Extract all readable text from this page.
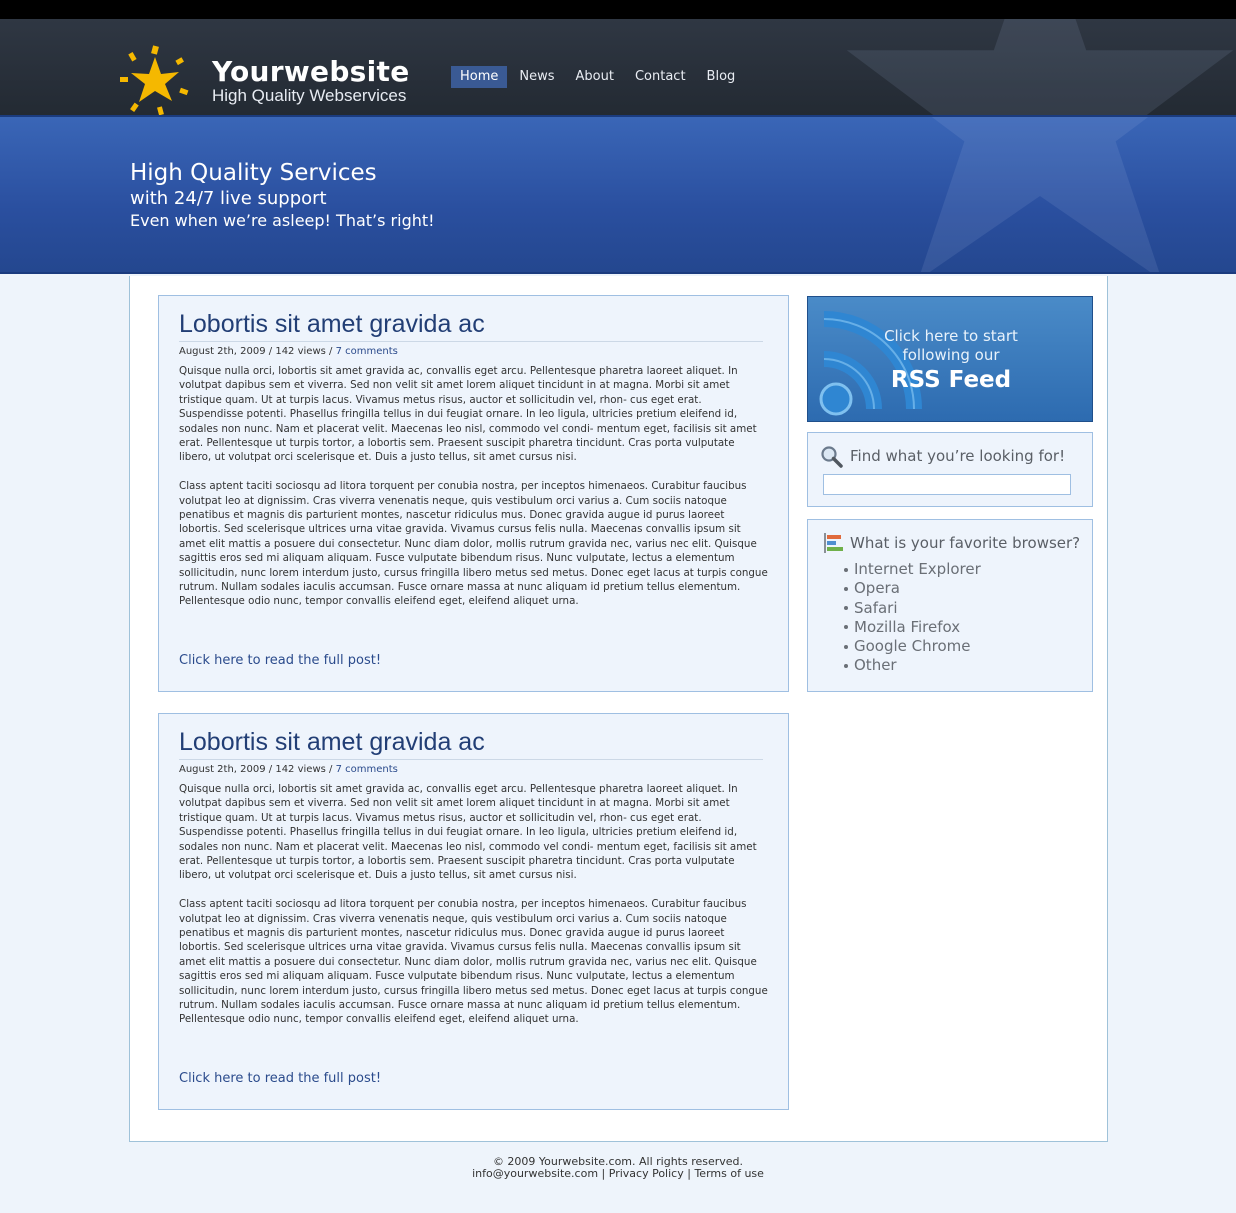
Yourwebsite
High Quality Webservices
Home	News	About	Contact	Blog
High Quality Services
with 24/7 live support
Even when we’re asleep! That’s right!
Lobortis sit amet gravida ac
August 2th, 2009 / 142 views / 7 comments

Quisque nulla orci, lobortis sit amet gravida ac, convallis eget arcu. Pellentesque pharetra laoreet aliquet. In volutpat dapibus sem et viverra. Sed non velit sit amet lorem aliquet tincidunt in at magna. Morbi sit amet tristique quam. Ut at turpis lacus. Vivamus metus risus, auctor et sollicitudin vel, rhon- cus eget erat. Suspendisse potenti. Phasellus fringilla tellus in dui feugiat ornare. In leo ligula, ultricies pretium eleifend id, sodales non nunc. Nam et placerat velit. Maecenas leo nisl, commodo vel condi- mentum eget, facilisis sit amet erat. Pellentesque ut turpis tortor, a lobortis sem. Praesent suscipit pharetra tincidunt. Cras porta vulputate libero, ut volutpat orci scelerisque et. Duis a justo tellus, sit amet cursus nisi.

Class aptent taciti sociosqu ad litora torquent per conubia nostra, per inceptos himenaeos. Curabitur faucibus volutpat leo at dignissim. Cras viverra venenatis neque, quis vestibulum orci varius a. Cum sociis natoque penatibus et magnis dis parturient montes, nascetur ridiculus mus. Donec gravida augue id purus laoreet lobortis. Sed scelerisque ultrices urna vitae gravida. Vivamus cursus felis nulla. Maecenas convallis ipsum sit amet elit mattis a posuere dui consectetur. Nunc diam dolor, mollis rutrum gravida nec, varius nec elit. Quisque sagittis eros sed mi aliquam aliquam. Fusce vulputate bibendum risus. Nunc vulputate, lectus a elementum sollicitudin, nunc lorem interdum justo, cursus fringilla libero metus sed metus. Donec eget lacus at turpis congue rutrum. Nullam sodales iaculis accumsan. Fusce ornare massa at nunc aliquam id pretium tellus elementum. Pellentesque odio nunc, tempor convallis eleifend eget, eleifend aliquet urna.

Click here to read the full post!
Lobortis sit amet gravida ac
August 2th, 2009 / 142 views / 7 comments

Quisque nulla orci, lobortis sit amet gravida ac, convallis eget arcu. Pellentesque pharetra laoreet aliquet. In volutpat dapibus sem et viverra. Sed non velit sit amet lorem aliquet tincidunt in at magna. Morbi sit amet tristique quam. Ut at turpis lacus. Vivamus metus risus, auctor et sollicitudin vel, rhon- cus eget erat. Suspendisse potenti. Phasellus fringilla tellus in dui feugiat ornare. In leo ligula, ultricies pretium eleifend id, sodales non nunc. Nam et placerat velit. Maecenas leo nisl, commodo vel condi- mentum eget, facilisis sit amet erat. Pellentesque ut turpis tortor, a lobortis sem. Praesent suscipit pharetra tincidunt. Cras porta vulputate libero, ut volutpat orci scelerisque et. Duis a justo tellus, sit amet cursus nisi.

Class aptent taciti sociosqu ad litora torquent per conubia nostra, per inceptos himenaeos. Curabitur faucibus volutpat leo at dignissim. Cras viverra venenatis neque, quis vestibulum orci varius a. Cum sociis natoque penatibus et magnis dis parturient montes, nascetur ridiculus mus. Donec gravida augue id purus laoreet lobortis. Sed scelerisque ultrices urna vitae gravida. Vivamus cursus felis nulla. Maecenas convallis ipsum sit amet elit mattis a posuere dui consectetur. Nunc diam dolor, mollis rutrum gravida nec, varius nec elit. Quisque sagittis eros sed mi aliquam aliquam. Fusce vulputate bibendum risus. Nunc vulputate, lectus a elementum sollicitudin, nunc lorem interdum justo, cursus fringilla libero metus sed metus. Donec eget lacus at turpis congue rutrum. Nullam sodales iaculis accumsan. Fusce ornare massa at nunc aliquam id pretium tellus elementum. Pellentesque odio nunc, tempor convallis eleifend eget, eleifend aliquet urna.

Click here to read the full post!
Click here to start
following our
RSS Feed
Find what you’re looking for!
What is your favorite browser?
Internet Explorer
Opera
Safari
Mozilla Firefox
Google Chrome
Other
© 2009 Yourwebsite.com. All rights reserved.
info@yourwebsite.com | Privacy Policy | Terms of use
